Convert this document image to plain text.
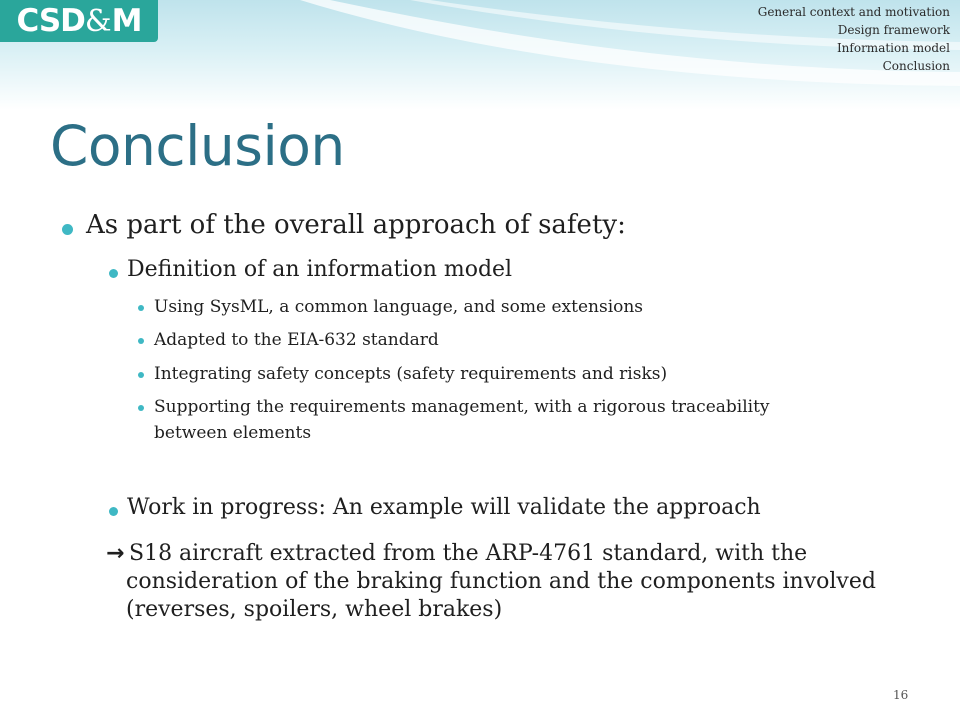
CSD&M	General context and motivation
Design framework
Information model
Conclusion
Conclusion
As part of the overall approach of safety:
Definition of an information model
Using SysML, a common language, and some extensions
Adapted to the EIA-632 standard
Integrating safety concepts (safety requirements and risks)
Supporting the requirements management, with a rigorous traceability
between elements
Work in progress: An example will validate the approach
→ S18 aircraft extracted from the ARP-4761 standard, with the consideration of the braking function and the components involved (reverses, spoilers, wheel brakes)
16
